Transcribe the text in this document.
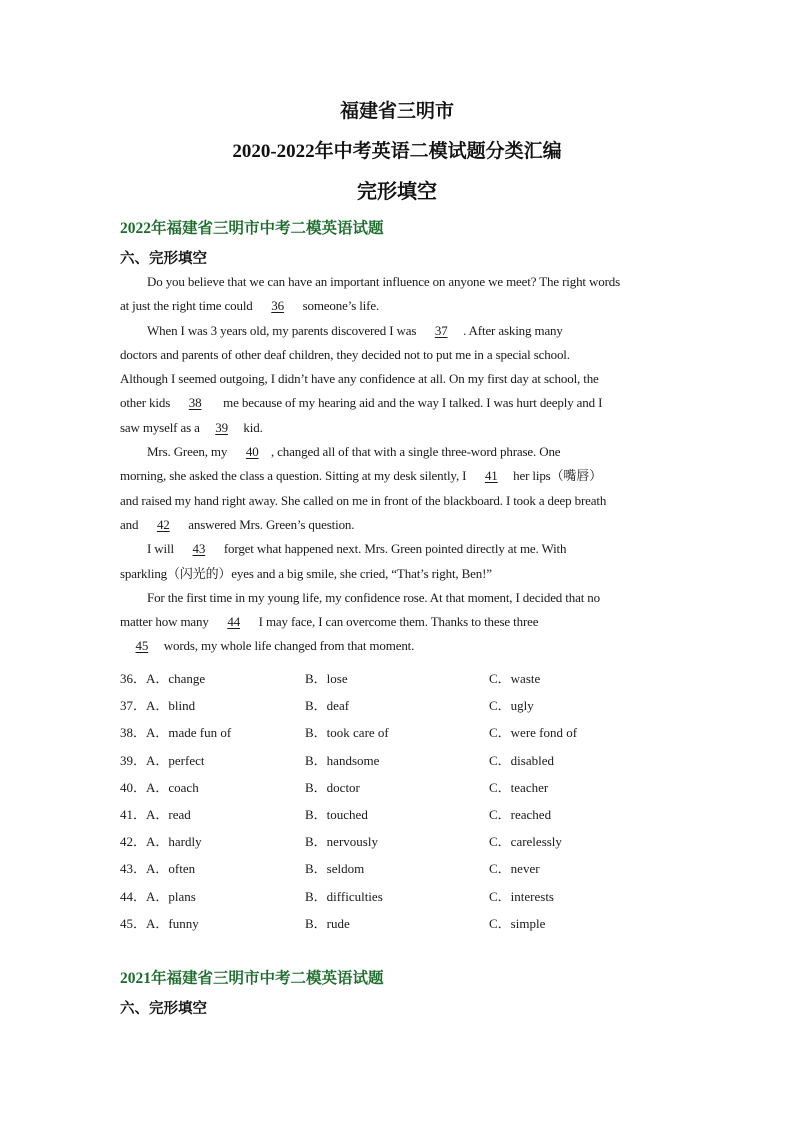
福建省三明市
2020-2022年中考英语二模试题分类汇编
完形填空
2022年福建省三明市中考二模英语试题
六、完形填空
Do you believe that we can have an important influence on anyone we meet? The right words
at just the right time could      36      someone’s life.
When I was 3 years old, my parents discovered I was      37 . After asking many
doctors and parents of other deaf children, they decided not to put me in a special school.
Although I seemed outgoing, I didn’t have any confidence at all. On my first day at school, the
other kids      38       me because of my hearing aid and the way I talked. I was hurt deeply and I
saw myself as a     39     kid.
Mrs. Green, my      40 , changed all of that with a single three-word phrase. One
morning, she asked the class a question. Sitting at my desk silently, I      41     her lips（嘴唇）
and raised my hand right away. She called on me in front of the blackboard. I took a deep breath
and      42      answered Mrs. Green’s question.
I will      43      forget what happened next. Mrs. Green pointed directly at me. With
sparkling（闪光的）eyes and a big smile, she cried, “That’s right, Ben!”
For the first time in my young life, my confidence rose. At that moment, I decided that no
matter how many      44      I may face, I can overcome them. Thanks to these three
45     words, my whole life changed from that moment.
36．A．change	B．lose	C．waste
37．A．blind	B．deaf	C．ugly
38．A．made fun of	B．took care of	C．were fond of
39．A．perfect	B．handsome	C．disabled
40．A．coach	B．doctor	C．teacher
41．A．read	B．touched	C．reached
42．A．hardly	B．nervously	C．carelessly
43．A．often	B．seldom	C．never
44．A．plans	B．difficulties	C．interests
45．A．funny	B．rude	C．simple
2021年福建省三明市中考二模英语试题
六、完形填空
